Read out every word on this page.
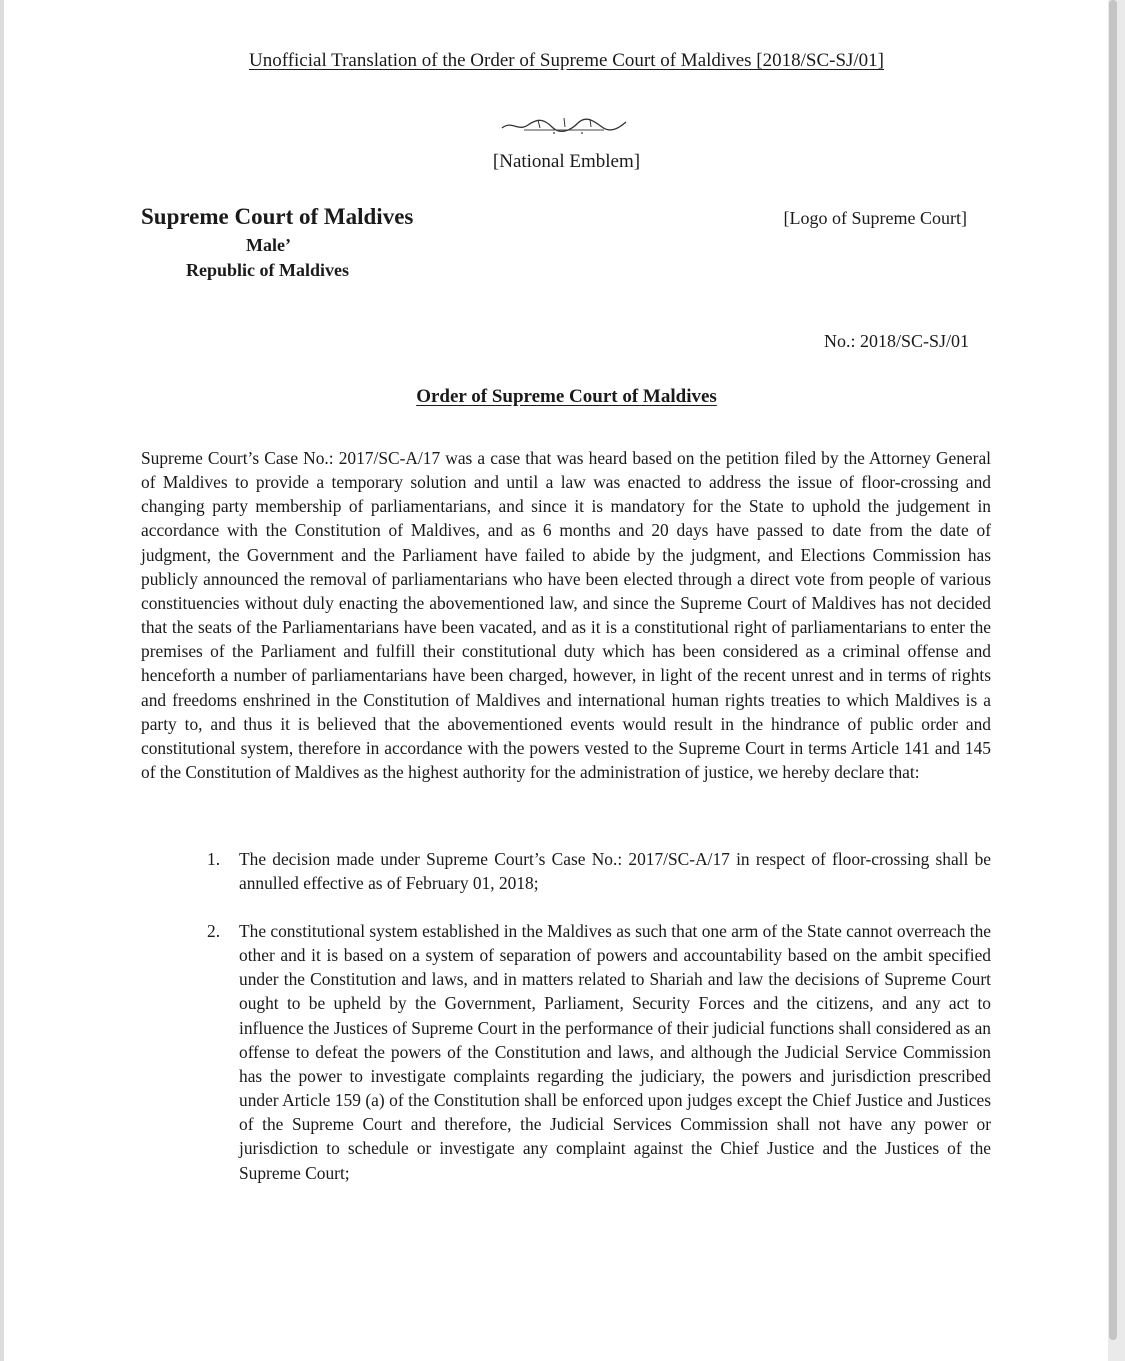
Unofficial Translation of the Order of Supreme Court of Maldives [2018/SC-SJ/01]
[National Emblem]
Supreme Court of Maldives
Male’
Republic of Maldives
[Logo of Supreme Court]
No.: 2018/SC-SJ/01
Order of Supreme Court of Maldives

Supreme Court’s Case No.: 2017/SC-A/17 was a case that was heard based on the petition filed by the Attorney General of Maldives to provide a temporary solution and until a law was enacted to address the issue of floor-crossing and changing party membership of parliamentarians, and since it is mandatory for the State to uphold the judgement in accordance with the Constitution of Maldives, and as 6 months and 20 days have passed to date from the date of judgment, the Government and the Parliament have failed to abide by the judgment, and Elections Commission has publicly announced the removal of parliamentarians who have been elected through a direct vote from people of various constituencies without duly enacting the abovementioned law, and since the Supreme Court of Maldives has not decided that the seats of the Parliamentarians have been vacated, and as it is a constitutional right of parliamentarians to enter the premises of the Parliament and fulfill their constitutional duty which has been considered as a criminal offense and henceforth a number of parliamentarians have been charged, however, in light of the recent unrest and in terms of rights and freedoms enshrined in the Constitution of Maldives and international human rights treaties to which Maldives is a party to, and thus it is believed that the abovementioned events would result in the hindrance of public order and constitutional system, therefore in accordance with the powers vested to the Supreme Court in terms Article 141 and 145 of the Constitution of Maldives as the highest authority for the administration of justice, we hereby declare that:

1. The decision made under Supreme Court’s Case No.: 2017/SC-A/17 in respect of floor-crossing shall be annulled effective as of February 01, 2018;

2. The constitutional system established in the Maldives as such that one arm of the State cannot overreach the other and it is based on a system of separation of powers and accountability based on the ambit specified under the Constitution and laws, and in matters related to Shariah and law the decisions of Supreme Court ought to be upheld by the Government, Parliament, Security Forces and the citizens, and any act to influence the Justices of Supreme Court in the performance of their judicial functions shall considered as an offense to defeat the powers of the Constitution and laws, and although the Judicial Service Commission has the power to investigate complaints regarding the judiciary, the powers and jurisdiction prescribed under Article 159 (a) of the Constitution shall be enforced upon judges except the Chief Justice and Justices of the Supreme Court and therefore, the Judicial Services Commission shall not have any power or jurisdiction to schedule or investigate any complaint against the Chief Justice and the Justices of the Supreme Court;
